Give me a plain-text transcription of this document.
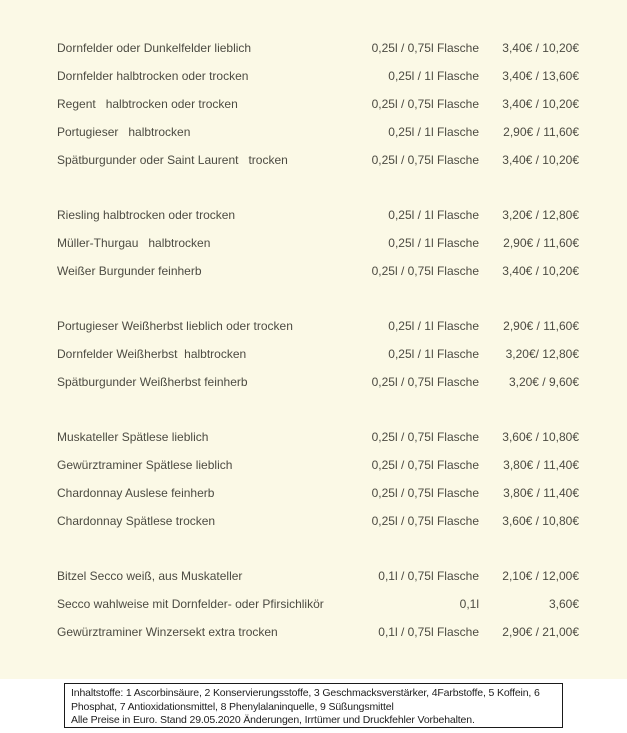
Dornfelder oder Dunkelfelder lieblich	0,25l / 0,75l Flasche	3,40€ / 10,20€
Dornfelder halbtrocken oder trocken	0,25l / 1l Flasche	3,40€ / 13,60€
Regent   halbtrocken oder trocken	0,25l / 0,75l Flasche	3,40€ / 10,20€
Portugieser   halbtrocken	0,25l / 1l Flasche	2,90€ / 11,60€
Spätburgunder oder Saint Laurent   trocken	0,25l / 0,75l Flasche	3,40€ / 10,20€
Riesling halbtrocken oder trocken	0,25l / 1l Flasche	3,20€ / 12,80€
Müller-Thurgau   halbtrocken	0,25l / 1l Flasche	2,90€ / 11,60€
Weißer Burgunder feinherb	0,25l / 0,75l Flasche	3,40€ / 10,20€
Portugieser Weißherbst lieblich oder trocken	0,25l / 1l Flasche	2,90€ / 11,60€
Dornfelder Weißherbst  halbtrocken	0,25l / 1l Flasche	3,20€/ 12,80€
Spätburgunder Weißherbst feinherb	0,25l / 0,75l Flasche	3,20€ / 9,60€
Muskateller Spätlese lieblich	0,25l / 0,75l Flasche	3,60€ / 10,80€
Gewürztraminer Spätlese lieblich	0,25l / 0,75l Flasche	3,80€ / 11,40€
Chardonnay Auslese feinherb	0,25l / 0,75l Flasche	3,80€ / 11,40€
Chardonnay Spätlese trocken	0,25l / 0,75l Flasche	3,60€ / 10,80€
Bitzel Secco weiß, aus Muskateller	0,1l / 0,75l Flasche	2,10€ / 12,00€
Secco wahlweise mit Dornfelder- oder Pfirsichlikör	0,1l	3,60€
Gewürztraminer Winzersekt extra trocken	0,1l / 0,75l Flasche	2,90€ / 21,00€
Inhaltstoffe: 1 Ascorbinsäure, 2 Konservierungsstoffe, 3 Geschmacksverstärker, 4Farbstoffe, 5 Koffein, 6
Phosphat, 7 Antioxidationsmittel, 8 Phenylalaninquelle, 9 Süßungsmittel
Alle Preise in Euro. Stand 29.05.2020 Änderungen, Irrtümer und Druckfehler Vorbehalten.
